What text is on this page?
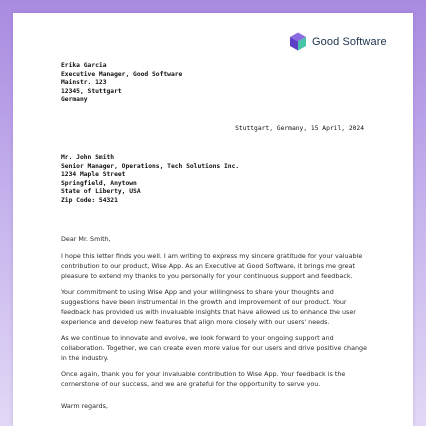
Good Software
Erika Garcia
Executive Manager, Good Software
Mainstr. 123
12345, Stuttgart
Germany
Stuttgart, Germany, 15 April, 2024
Mr. John Smith
Senior Manager, Operations, Tech Solutions Inc.
1234 Maple Street
Springfield, Anytown
State of Liberty, USA
Zip Code: 54321

Dear Mr. Smith,

I hope this letter finds you well. I am writing to express my sincere gratitude for your valuable contribution to our product, Wise App. As an Executive at Good Software, it brings me great pleasure to extend my thanks to you personally for your continuous support and feedback.

Your commitment to using Wise App and your willingness to share your thoughts and suggestions have been instrumental in the growth and improvement of our product. Your feedback has provided us with invaluable insights that have allowed us to enhance the user experience and develop new features that align more closely with our users' needs.

As we continue to innovate and evolve, we look forward to your ongoing support and collaboration. Together, we can create even more value for our users and drive positive change in the industry.

Once again, thank you for your invaluable contribution to Wise App. Your feedback is the cornerstone of our success, and we are grateful for the opportunity to serve you.

Warm regards,
